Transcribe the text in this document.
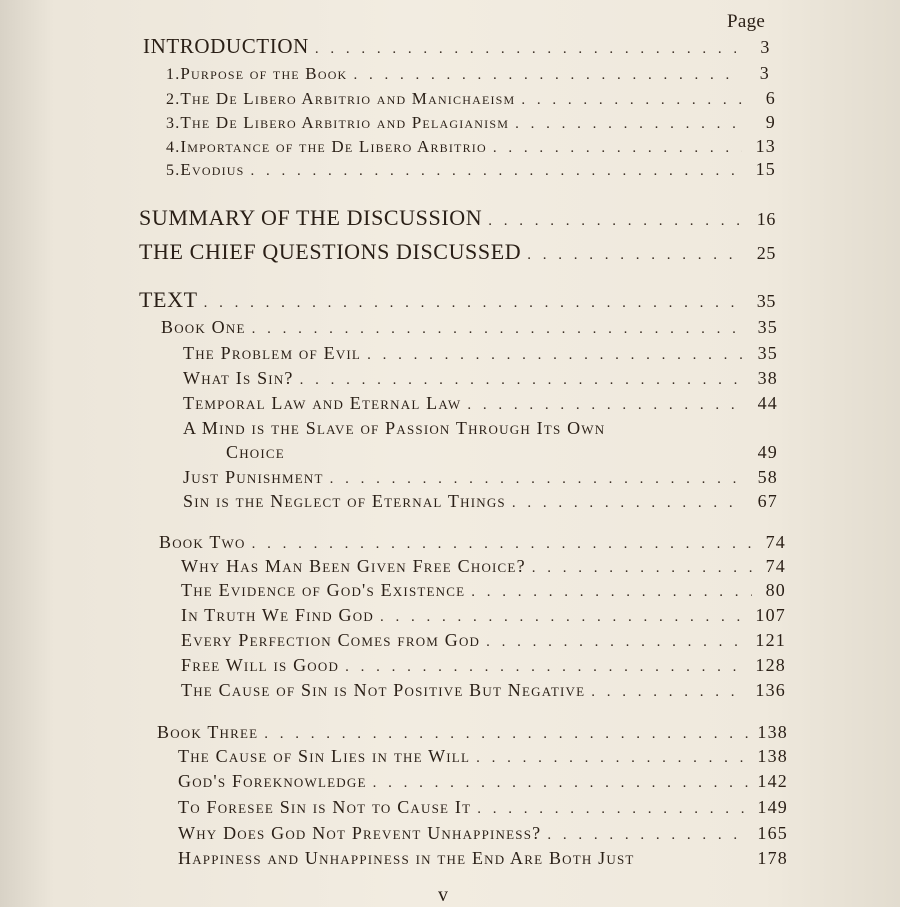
Page
INTRODUCTION . . .	3
1. Purpose of the Book . . .	3
2. The De Libero Arbitrio and Manichaeism . . .	6
3. The De Libero Arbitrio and Pelagianism . . .	9
4. Importance of the De Libero Arbitrio . . .	13
5. Evodius . . .	15
SUMMARY OF THE DISCUSSION . . .	16
THE CHIEF QUESTIONS DISCUSSED . . .	25
TEXT . . .	35
Book One . . .	35
The Problem of Evil . . .	35
What Is Sin? . . .	38
Temporal Law and Eternal Law . . .	44
A Mind is the Slave of Passion Through Its Own
Choice	49
Just Punishment . . .	58
Sin is the Neglect of Eternal Things . . .	67
Book Two . . .	74
Why Has Man Been Given Free Choice? . . .	74
The Evidence of God's Existence . . .	80
In Truth We Find God . . .	107
Every Perfection Comes from God . . .	121
Free Will is Good . . .	128
The Cause of Sin is Not Positive But Negative . . .	136
Book Three . . .	138
The Cause of Sin Lies in the Will . . .	138
God's Foreknowledge . . .	142
To Foresee Sin is Not to Cause It . . .	149
Why Does God Not Prevent Unhappiness? . . .	165
Happiness and Unhappiness in the End Are Both Just	178
v
